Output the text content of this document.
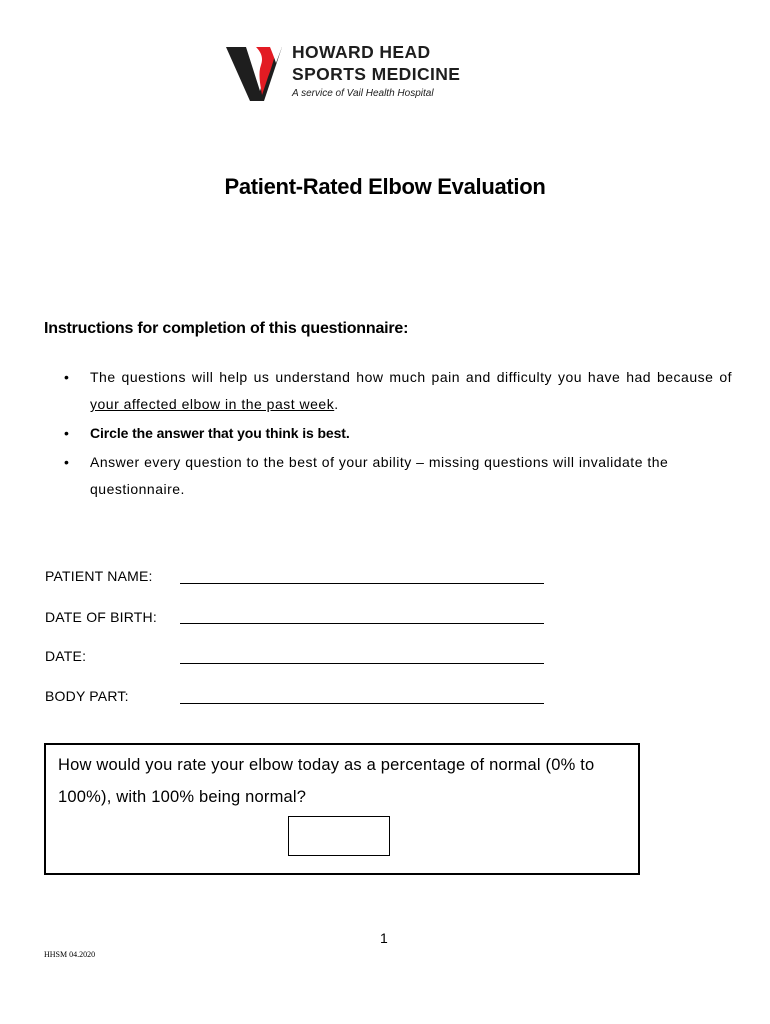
HOWARD HEAD
SPORTS MEDICINE
A service of Vail Health Hospital
Patient-Rated Elbow Evaluation
Instructions for completion of this questionnaire:
• The questions will help us understand how much pain and difficulty you have had because of your affected elbow in the past week.
• Circle the answer that you think is best.
• Answer every question to the best of your ability – missing questions will invalidate the questionnaire.
PATIENT NAME:
DATE OF BIRTH:
DATE:
BODY PART:
How would you rate your elbow today as a percentage of normal (0% to 100%), with 100% being normal?
1
HHSM 04.2020
